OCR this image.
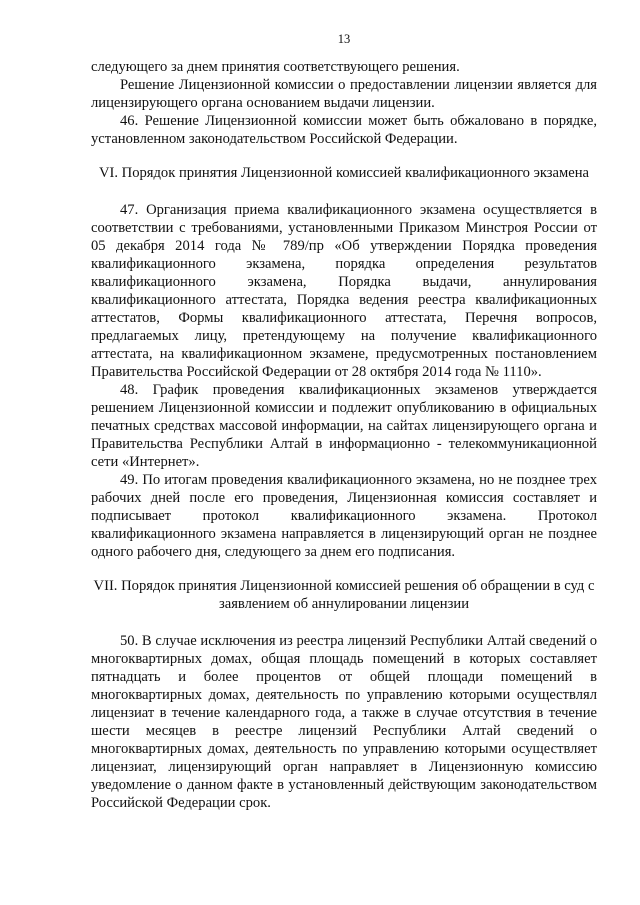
13

следующего за днем принятия соответствующего решения.

Решение Лицензионной комиссии о предоставлении лицензии является для лицензирующего органа основанием выдачи лицензии.

46. Решение Лицензионной комиссии может быть обжаловано в порядке, установленном законодательством Российской Федерации.

VI. Порядок принятия Лицензионной комиссией квалификационного экзамена

47. Организация приема квалификационного экзамена осуществляется в соответствии с требованиями, установленными Приказом Минстроя России от 05 декабря 2014 года № 789/пр «Об утверждении Порядка проведения квалификационного экзамена, порядка определения результатов квалификационного экзамена, Порядка выдачи, аннулирования квалификационного аттестата, Порядка ведения реестра квалификационных аттестатов, Формы квалификационного аттестата, Перечня вопросов, предлагаемых лицу, претендующему на получение квалификационного аттестата, на квалификационном экзамене, предусмотренных постановлением Правительства Российской Федерации от 28 октября 2014 года № 1110».

48. График проведения квалификационных экзаменов утверждается решением Лицензионной комиссии и подлежит опубликованию в официальных печатных средствах массовой информации, на сайтах лицензирующего органа и Правительства Республики Алтай в информационно - телекоммуникационной сети «Интернет».

49. По итогам проведения квалификационного экзамена, но не позднее трех рабочих дней после его проведения, Лицензионная комиссия составляет и подписывает протокол квалификационного экзамена. Протокол квалификационного экзамена направляется в лицензирующий орган не позднее одного рабочего дня, следующего за днем его подписания.

VII. Порядок принятия Лицензионной комиссией решения об обращении в суд с заявлением об аннулировании лицензии

50. В случае исключения из реестра лицензий Республики Алтай сведений о многоквартирных домах, общая площадь помещений в которых составляет пятнадцать и более процентов от общей площади помещений в многоквартирных домах, деятельность по управлению которыми осуществлял лицензиат в течение календарного года, а также в случае отсутствия в течение шести месяцев в реестре лицензий Республики Алтай сведений о многоквартирных домах, деятельность по управлению которыми осуществляет лицензиат, лицензирующий орган направляет в Лицензионную комиссию уведомление о данном факте в установленный действующим законодательством Российской Федерации срок.
